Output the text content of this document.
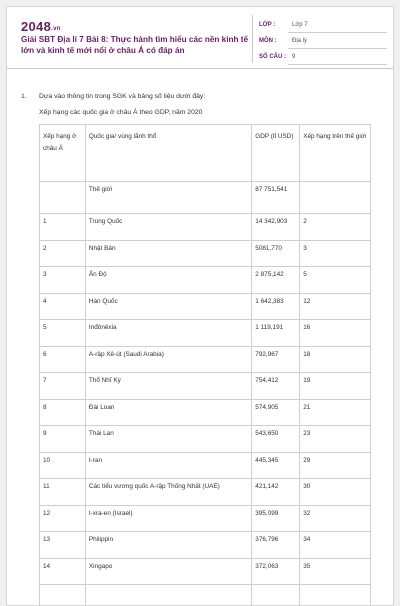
2048.vn
Giải SBT Địa lí 7 Bài 8: Thực hành tìm hiểu các nền kinh tế lớn và kinh tế mới nổi ở châu Á có đáp án
LỚP :	Lớp 7
MÔN :	Địa lý
SỐ CÂU : 9
1. Dựa vào thông tin trong SGK và bảng số liệu dưới đây:
Xếp hạng các quốc gia ở châu Á theo GDP, năm 2020
Xếp hạng ở châu Á	Quốc gia/ vùng lãnh thổ	GDP (tỉ USD)	Xếp hạng trên thế giới
	Thế giới	87 751,541	
1	Trung Quốc	14 342,903	2
2	Nhật Bản	5081,770	3
3	Ấn Độ	2 875,142	5
4	Hàn Quốc	1 642,383	12
5	Inđônêxia	1 119,191	16
6	A-rập Xê-út (Saudi Arabia)	792,967	18
7	Thổ Nhĩ Kỳ	754,412	19
8	Đài Loan	574,905	21
9	Thái Lan	543,650	23
10	I-ran	445,345	29
11	Các tiểu vương quốc A-rập Thống Nhất (UAE)	421,142	30
12	I-xra-en (Israel)	395,099	32
13	Philippin	376,796	34
14	Xingapo	372,063	35
